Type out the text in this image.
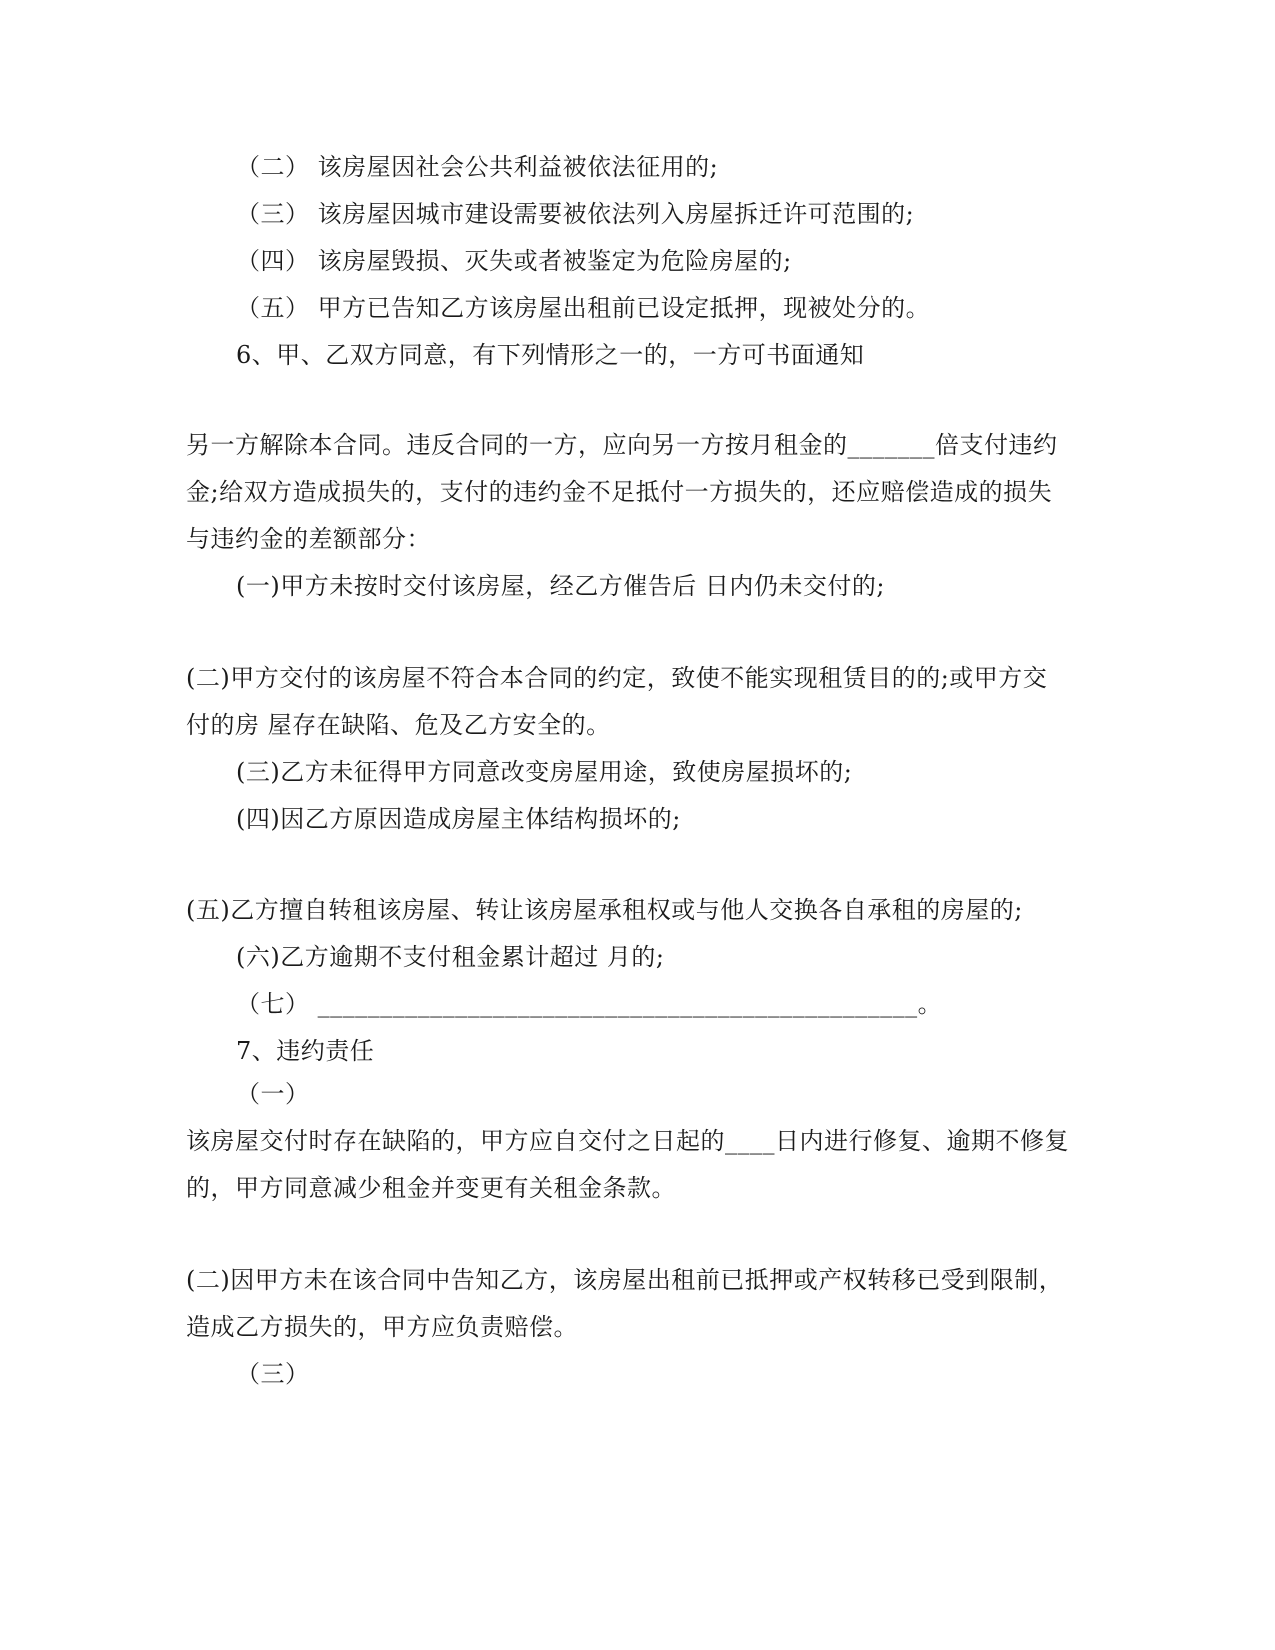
（二） 该房屋因社会公共利益被依法征用的;
（三） 该房屋因城市建设需要被依法列入房屋拆迁许可范围的;
（四） 该房屋毁损、灭失或者被鉴定为危险房屋的;
（五） 甲方已告知乙方该房屋出租前已设定抵押，现被处分的。
6、甲、乙双方同意，有下列情形之一的，一方可书面通知
另一方解除本合同。违反合同的一方，应向另一方按月租金的_______倍支付违约
金;给双方造成损失的，支付的违约金不足抵付一方损失的，还应赔偿造成的损失
与违约金的差额部分：
(一)甲方未按时交付该房屋，经乙方催告后 日内仍未交付的;
(二)甲方交付的该房屋不符合本合同的约定，致使不能实现租赁目的的;或甲方交
付的房 屋存在缺陷、危及乙方安全的。
(三)乙方未征得甲方同意改变房屋用途，致使房屋损坏的;
(四)因乙方原因造成房屋主体结构损坏的;
(五)乙方擅自转租该房屋、转让该房屋承租权或与他人交换各自承租的房屋的;
(六)乙方逾期不支付租金累计超过 月的;
（七） ________________________________________________。
7、违约责任
（一）
该房屋交付时存在缺陷的，甲方应自交付之日起的____日内进行修复、逾期不修复
的，甲方同意减少租金并变更有关租金条款。
(二)因甲方未在该合同中告知乙方，该房屋出租前已抵押或产权转移已受到限制，
造成乙方损失的，甲方应负责赔偿。
（三）
